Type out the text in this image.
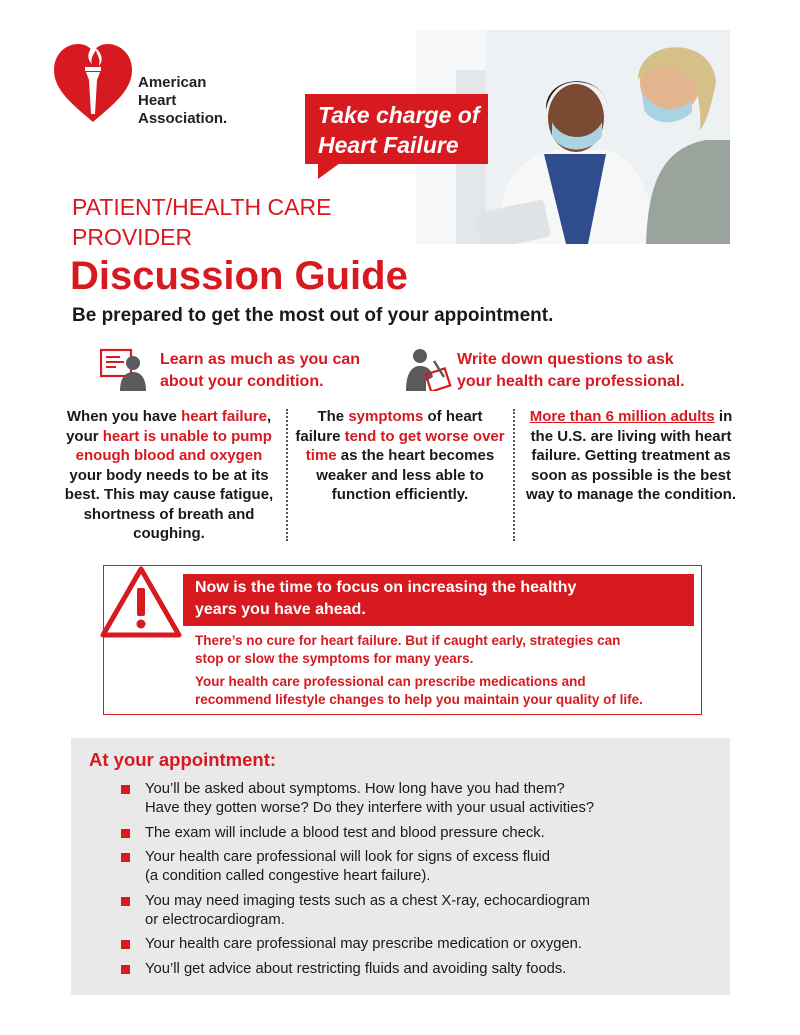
American
Heart
Association.	Take charge of
Heart Failure
PATIENT/HEALTH CARE
PROVIDER
Discussion Guide
Be prepared to get the most out of your appointment.
Learn as much as you can
about your condition.
Write down questions to ask
your health care professional.
When you have heart failure, your heart is unable to pump enough blood and oxygen your body needs to be at its best. This may cause fatigue, shortness of breath and coughing.
The symptoms of heart failure tend to get worse over time as the heart becomes weaker and less able to function efficiently.
More than 6 million adults in the U.S. are living with heart failure. Getting treatment as soon as possible is the best way to manage the condition.
Now is the time to focus on increasing the healthy
years you have ahead.
There’s no cure for heart failure. But if caught early, strategies can
stop or slow the symptoms for many years.
Your health care professional can prescribe medications and
recommend lifestyle changes to help you maintain your quality of life.
At your appointment:
You’ll be asked about symptoms. How long have you had them?
Have they gotten worse? Do they interfere with your usual activities?
The exam will include a blood test and blood pressure check.
Your health care professional will look for signs of excess fluid
(a condition called congestive heart failure).
You may need imaging tests such as a chest X-ray, echocardiogram
or electrocardiogram.
Your health care professional may prescribe medication or oxygen.
You’ll get advice about restricting fluids and avoiding salty foods.
